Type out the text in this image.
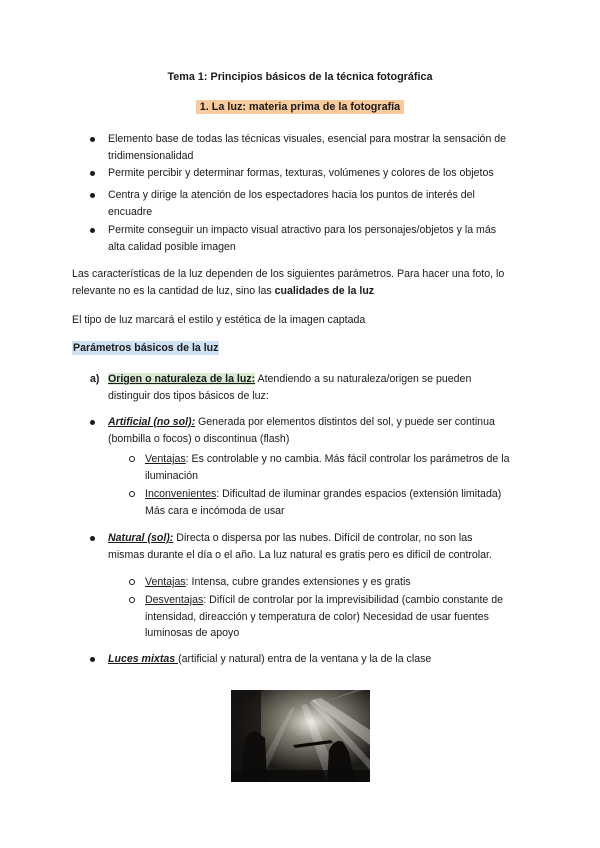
Tema 1: Principios básicos de la técnica fotográfica
1. La luz: materia prima de la fotografía
Elemento base de todas las técnicas visuales, esencial para mostrar la sensación de
tridimensionalidad
Permite percibir y determinar formas, texturas, volúmenes y colores de los objetos
Centra y dirige la atención de los espectadores hacia los puntos de interés del
encuadre
Permite conseguir un impacto visual atractivo para los personajes/objetos y la más
alta calidad posible imagen
Las características de la luz dependen de los siguientes parámetros. Para hacer una foto, lo
relevante no es la cantidad de luz, sino las cualidades de la luz
El tipo de luz marcará el estilo y estética de la imagen captada
Parámetros básicos de la luz
a) Origen o naturaleza de la luz: Atendiendo a su naturaleza/origen se pueden
distinguir dos tipos básicos de luz:
Artificial (no sol): Generada por elementos distintos del sol, y puede ser continua
(bombilla o focos) o discontinua (flash)
Ventajas: Es controlable y no cambia. Más fácil controlar los parámetros de la
iluminación
Inconvenientes: Dificultad de iluminar grandes espacios (extensión limitada)
Más cara e incómoda de usar
Natural (sol): Directa o dispersa por las nubes. Difícil de controlar, no son las
mismas durante el día o el año. La luz natural es gratis pero es difícil de controlar.
Ventajas: Intensa, cubre grandes extensiones y es gratis
Desventajas: Difícil de controlar por la imprevisibilidad (cambio constante de
intensidad, direacción y temperatura de color) Necesidad de usar fuentes
luminosas de apoyo
Luces mixtas (artificial y natural) entra de la ventana y la de la clase
